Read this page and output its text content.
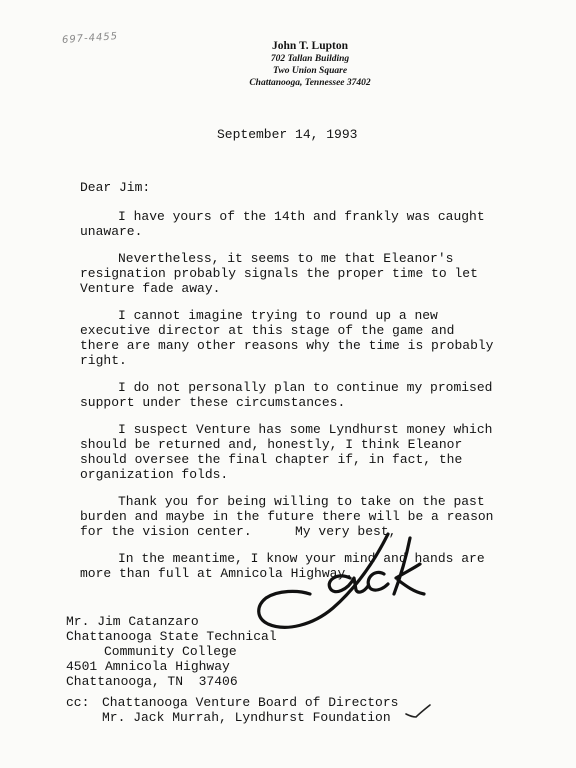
697-4455
John T. Lupton
702 Tallan Building
Two Union Square
Chattanooga, Tennessee 37402
September 14, 1993

Dear Jim:

I have yours of the 14th and frankly was caught unaware.

Nevertheless, it seems to me that Eleanor's resignation probably signals the proper time to let Venture fade away.

I cannot imagine trying to round up a new executive director at this stage of the game and there are many other reasons why the time is probably right.

I do not personally plan to continue my promised support under these circumstances.

I suspect Venture has some Lyndhurst money which should be returned and, honestly, I think Eleanor should oversee the final chapter if, in fact, the organization folds.

Thank you for being willing to take on the past burden and maybe in the future there will be a reason for the vision center.

In the meantime, I know your mind and hands are more than full at Amnicola Highway.

My very best,
Mr. Jim Catanzaro
Chattanooga State Technical
Community College
4501 Amnicola Highway
Chattanooga, TN  37406
cc: Chattanooga Venture Board of Directors
Mr. Jack Murrah, Lyndhurst Foundation
